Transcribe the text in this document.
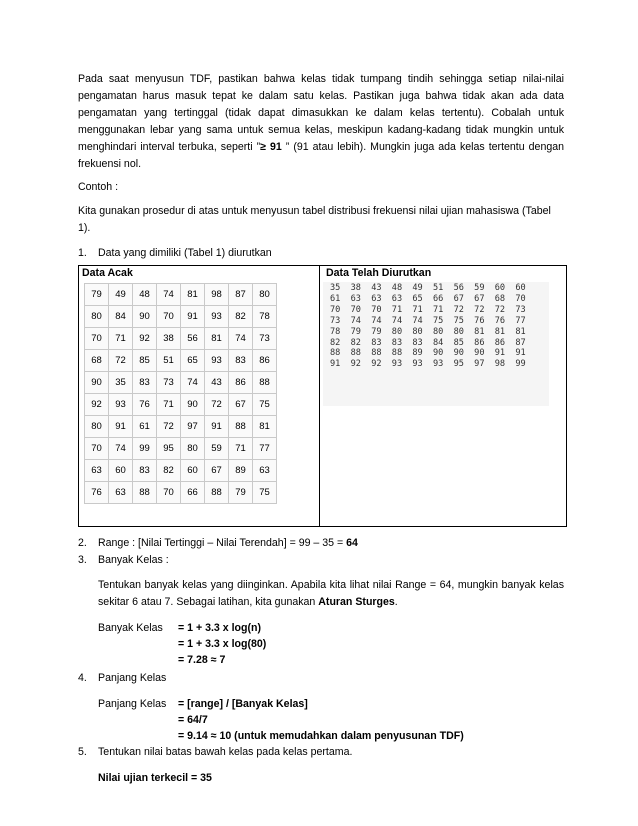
Pada saat menyusun TDF, pastikan bahwa kelas tidak tumpang tindih sehingga setiap nilai-nilai pengamatan harus masuk tepat ke dalam satu kelas. Pastikan juga bahwa tidak akan ada data pengamatan yang tertinggal (tidak dapat dimasukkan ke dalam kelas tertentu). Cobalah untuk menggunakan lebar yang sama untuk semua kelas, meskipun kadang-kadang tidak mungkin untuk menghindari interval terbuka, seperti ”≥ 91 ” (91 atau lebih). Mungkin juga ada kelas tertentu dengan frekuensi nol.

Contoh :

Kita gunakan prosedur di atas untuk menyusun tabel distribusi frekuensi nilai ujian mahasiswa (Tabel 1).

1.	Data yang dimiliki (Tabel 1) diurutkan
Data Acak
79	49	48	74	81	98	87	80
80	84	90	70	91	93	82	78
70	71	92	38	56	81	74	73
68	72	85	51	65	93	83	86
90	35	83	73	74	43	86	88
92	93	76	71	90	72	67	75
80	91	61	72	97	91	88	81
70	74	99	95	80	59	71	77
63	60	83	82	60	67	89	63
76	63	88	70	66	88	79	75
Data Telah Diurutkan
35	38	43	48	49	51	56	59	60	60
61	63	63	63	65	66	67	67	68	70
70	70	70	71	71	71	72	72	72	73
73	74	74	74	74	75	75	76	76	77
78	79	79	80	80	80	80	81	81	81
82	82	83	83	83	84	85	86	86	87
88	88	88	88	89	90	90	90	91	91
91	92	92	93	93	93	95	97	98	99
2.	Range : [Nilai Tertinggi – Nilai Terendah] = 99 – 35 = 64
3.	Banyak Kelas :

Tentukan banyak kelas yang diinginkan. Apabila kita lihat nilai Range = 64, mungkin banyak kelas sekitar 6 atau 7. Sebagai latihan, kita gunakan Aturan Sturges.

Banyak Kelas	= 1 + 3.3 x log(n)
= 1 + 3.3 x log(80)
= 7.28 ≈ 7
4.	Panjang Kelas
Panjang Kelas	= [range] / [Banyak Kelas]
= 64/7
= 9.14 ≈ 10 (untuk memudahkan dalam penyusunan TDF)
5.	Tentukan nilai batas bawah kelas pada kelas pertama.

Nilai ujian terkecil = 35
